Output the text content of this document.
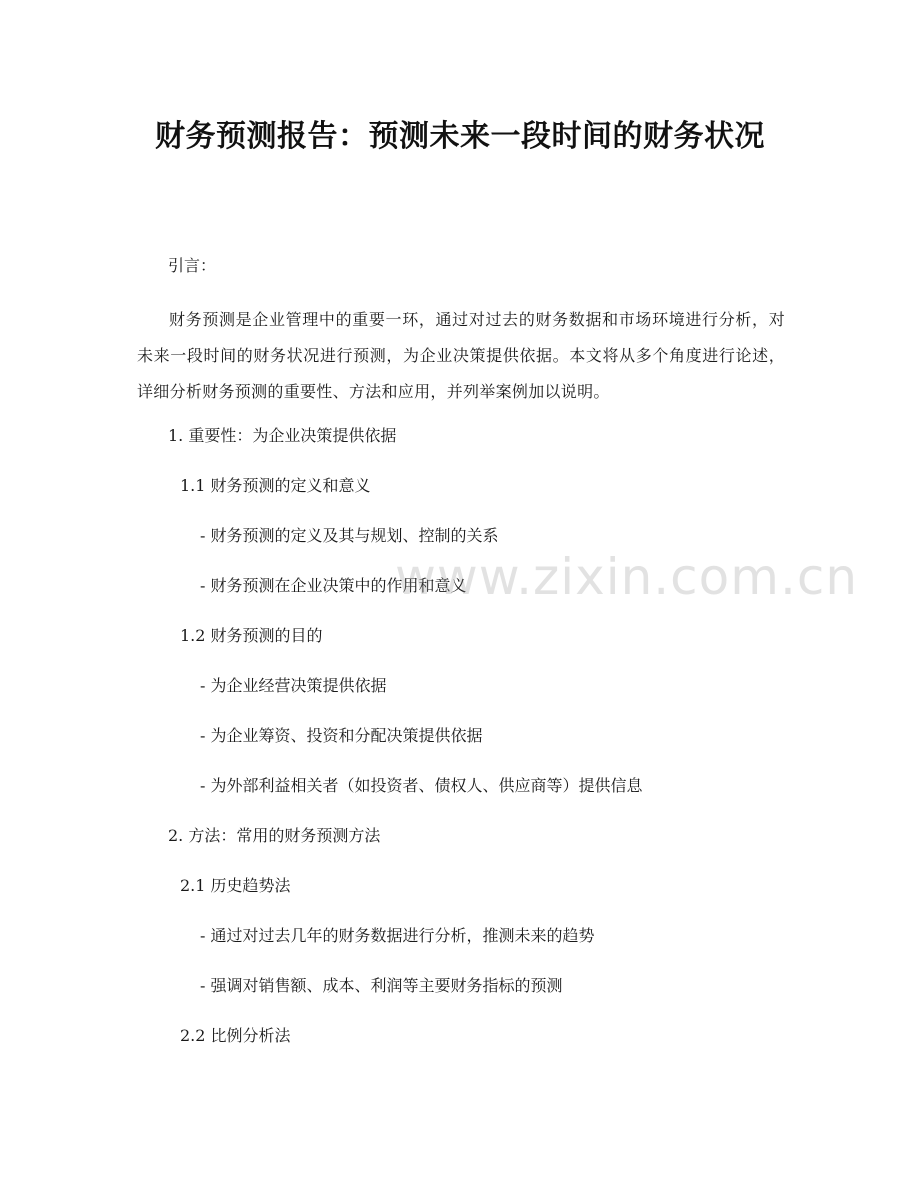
财务预测报告：预测未来一段时间的财务状况

引言：

财务预测是企业管理中的重要一环，通过对过去的财务数据和市场环境进行分析，对未来一段时间的财务状况进行预测，为企业决策提供依据。本文将从多个角度进行论述，详细分析财务预测的重要性、方法和应用，并列举案例加以说明。

1. 重要性：为企业决策提供依据

1.1 财务预测的定义和意义

- 财务预测的定义及其与规划、控制的关系

- 财务预测在企业决策中的作用和意义

1.2 财务预测的目的

- 为企业经营决策提供依据

- 为企业筹资、投资和分配决策提供依据

- 为外部利益相关者（如投资者、债权人、供应商等）提供信息

2. 方法：常用的财务预测方法

2.1 历史趋势法

- 通过对过去几年的财务数据进行分析，推测未来的趋势

- 强调对销售额、成本、利润等主要财务指标的预测

2.2 比例分析法

www.zixin.com.cn
